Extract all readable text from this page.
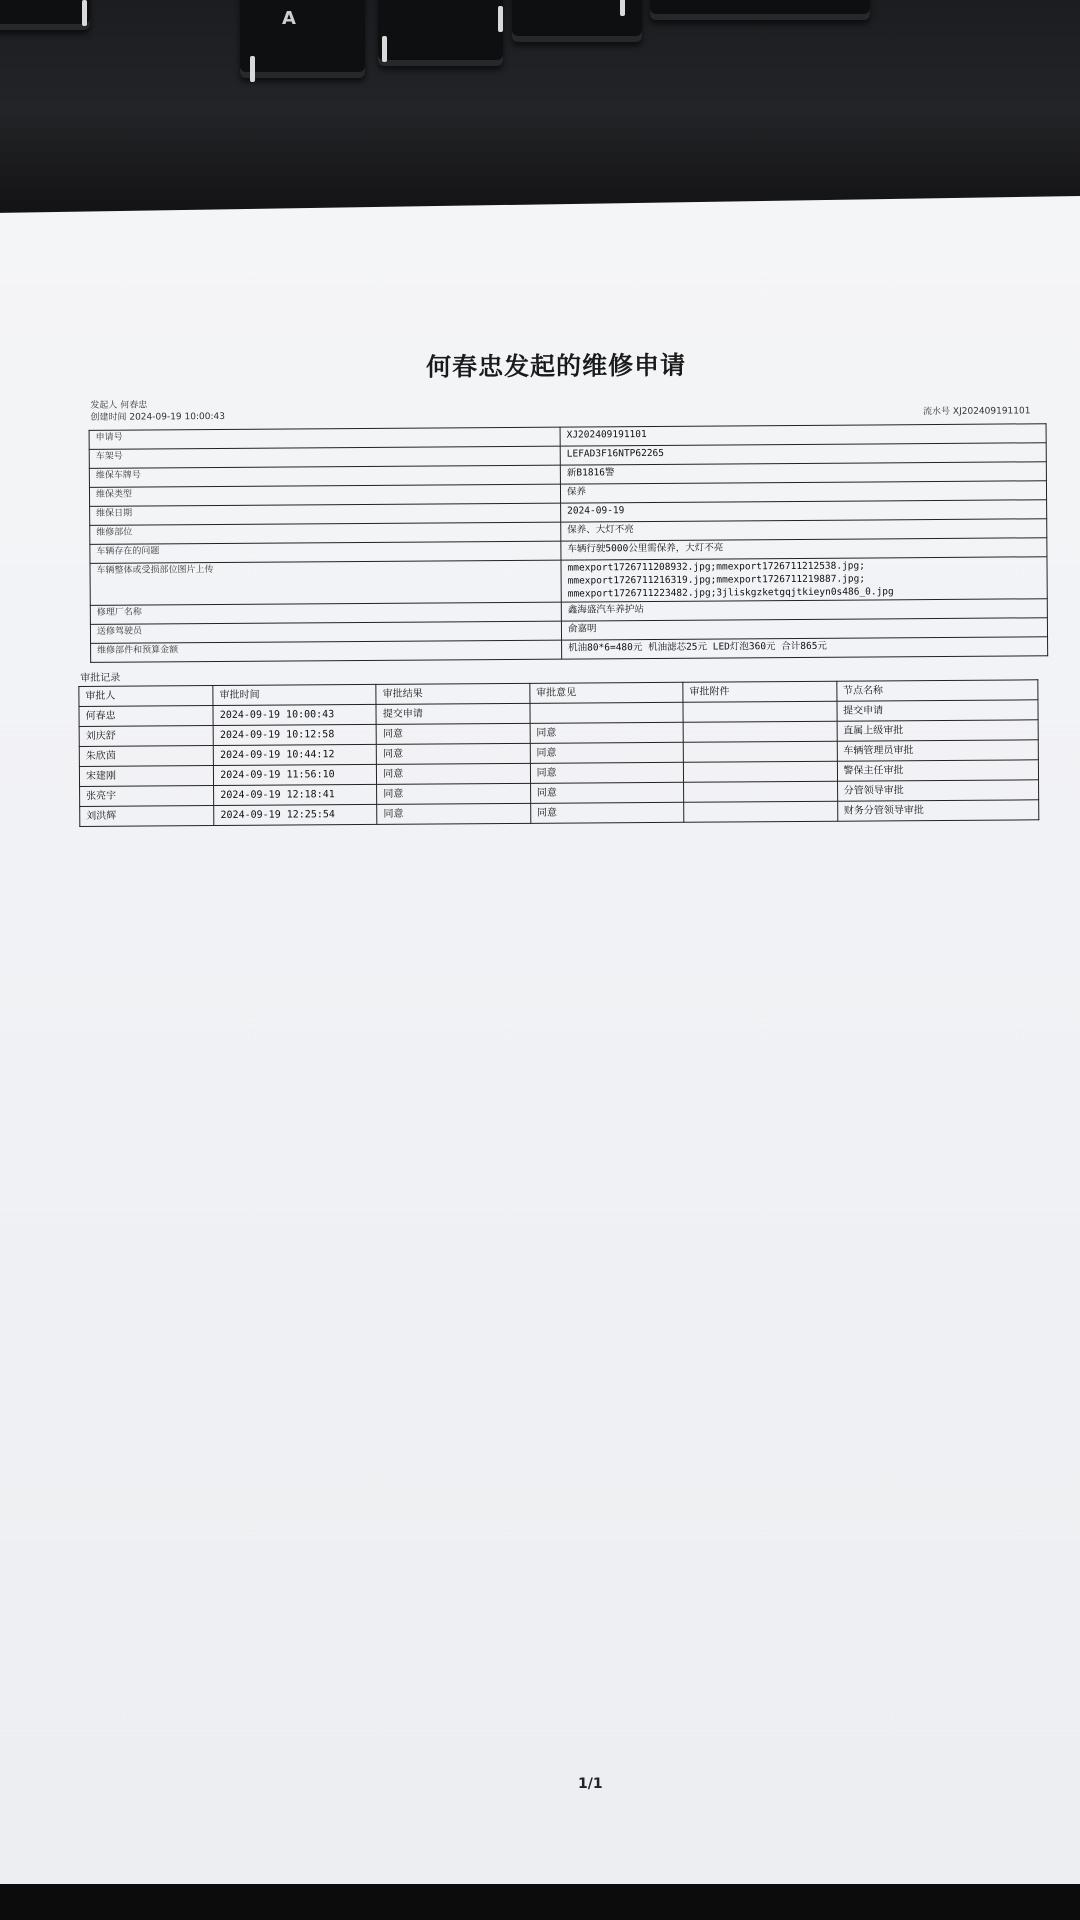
A
何春忠发起的维修申请
发起人 何春忠
创建时间 2024-09-19 10:00:43
流水号 XJ202409191101
申请号	XJ202409191101
车架号	LEFAD3F16NTP62265
维保车牌号	新B1816警
维保类型	保养
维保日期	2024-09-19
维修部位	保养、大灯不亮
车辆存在的问题	车辆行驶5000公里需保养，大灯不亮
车辆整体或受损部位图片上传	mmexport1726711208932.jpg;mmexport1726711212538.jpg;
mmexport1726711216319.jpg;mmexport1726711219887.jpg;
mmexport1726711223482.jpg;3jliskgzketgqjtkieyn0s486_0.jpg

修理厂名称	鑫海盛汽车养护站
送修驾驶员	俞嘉明
维修部件和预算金额	机油80*6=480元 机油滤芯25元 LED灯泡360元 合计865元
审批记录
审批人	审批时间	审批结果	审批意见	审批附件	节点名称
何春忠	2024-09-19 10:00:43	提交申请			提交申请
刘庆舒	2024-09-19 10:12:58	同意	同意		直属上级审批
朱欣茵	2024-09-19 10:44:12	同意	同意		车辆管理员审批
宋建刚	2024-09-19 11:56:10	同意	同意		警保主任审批
张亮宇	2024-09-19 12:18:41	同意	同意		分管领导审批
刘洪辉	2024-09-19 12:25:54	同意	同意		财务分管领导审批
1/1
